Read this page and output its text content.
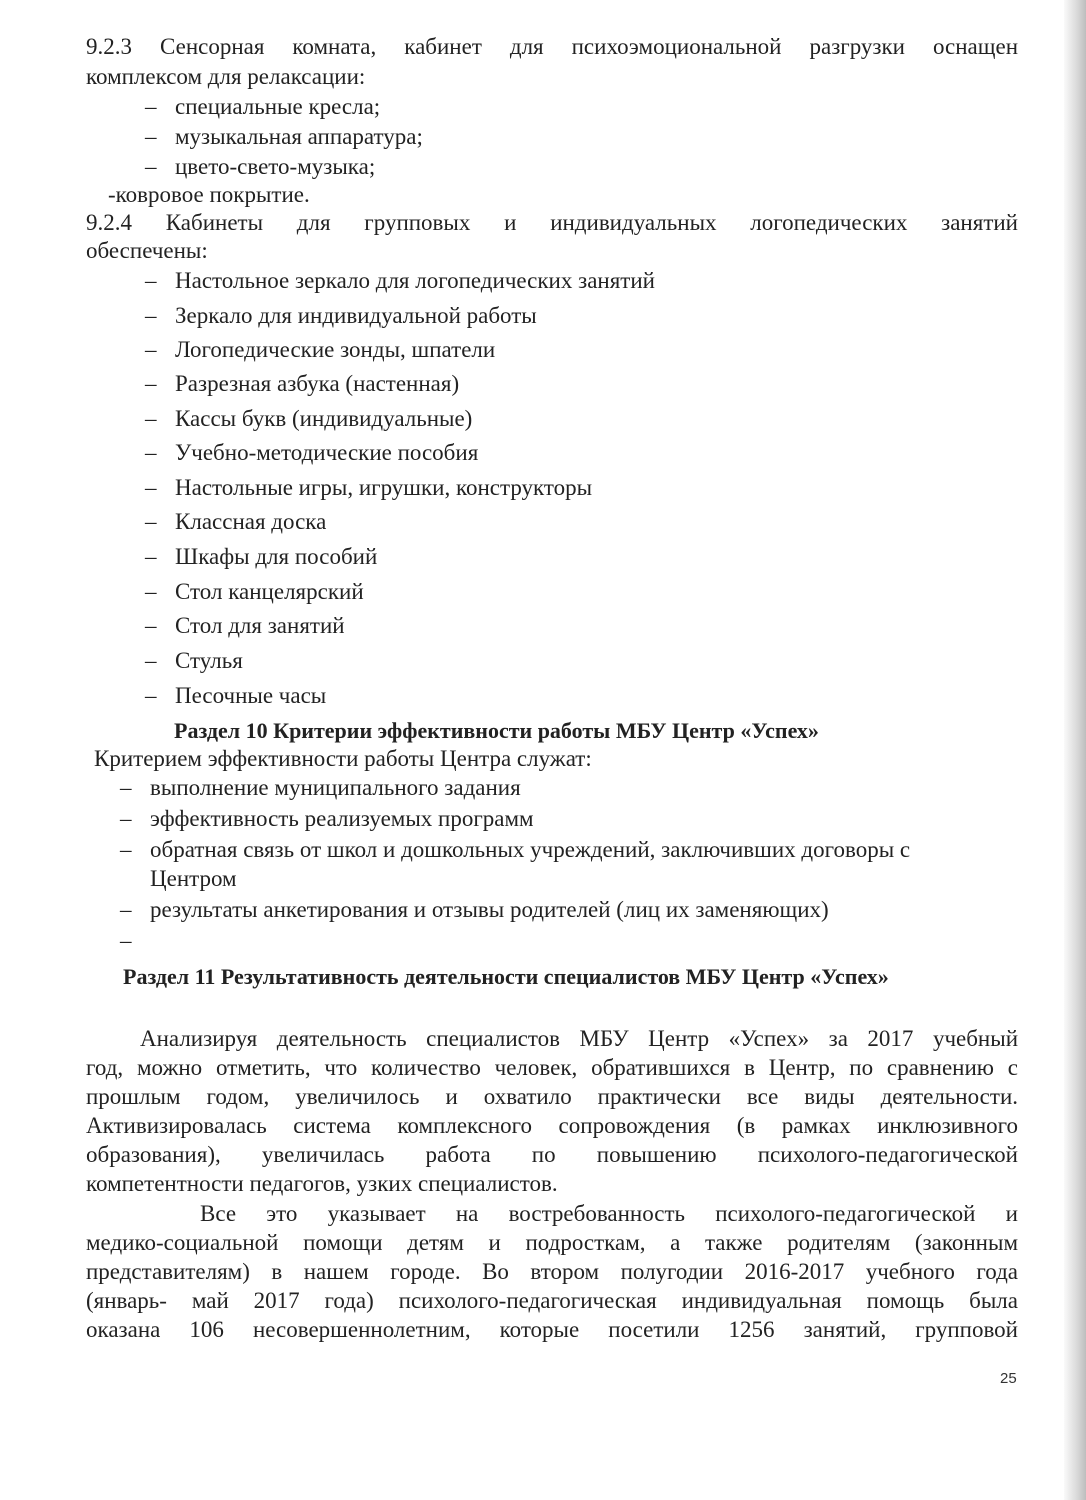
9.2.3 Сенсорная комната, кабинет для психоэмоциональной разгрузки оснащен
комплексом для релаксации:
– специальные кресла;
– музыкальная аппаратура;
– цвето-свето-музыка;
-ковровое покрытие.
9.2.4 Кабинеты для групповых и индивидуальных логопедических занятий
обеспечены:
– Настольное зеркало для логопедических занятий
– Зеркало для индивидуальной работы
– Логопедические зонды, шпатели
– Разрезная азбука (настенная)
– Кассы букв (индивидуальные)
– Учебно-методические пособия
– Настольные игры, игрушки, конструкторы
– Классная доска
– Шкафы для пособий
– Стол канцелярский
– Стол для занятий
– Стулья
– Песочные часы
Раздел 10 Критерии эффективности работы МБУ Центр «Успех»
Критерием эффективности работы Центра служат:
– выполнение муниципального задания
– эффективность реализуемых программ
– обратная связь от школ и дошкольных учреждений, заключивших договоры с
Центром
– результаты анкетирования и отзывы родителей (лиц их заменяющих)
–
Раздел 11 Результативность деятельности специалистов МБУ Центр «Успех»
Анализируя деятельность специалистов МБУ Центр «Успех» за 2017 учебный
год, можно отметить, что количество человек, обратившихся в Центр, по сравнению с
прошлым годом, увеличилось и охватило практически все виды деятельности.
Активизировалась система комплексного сопровождения (в рамках инклюзивного
образования), увеличилась работа по повышению психолого-педагогической
компетентности педагогов, узких специалистов.
Все это указывает на востребованность психолого-педагогической и
медико-социальной помощи детям и подросткам, а также родителям (законным
представителям) в нашем городе. Во втором полугодии 2016-2017 учебного года
(январь- май 2017 года) психолого-педагогическая индивидуальная помощь была
оказана 106 несовершеннолетним, которые посетили 1256 занятий, групповой
25
